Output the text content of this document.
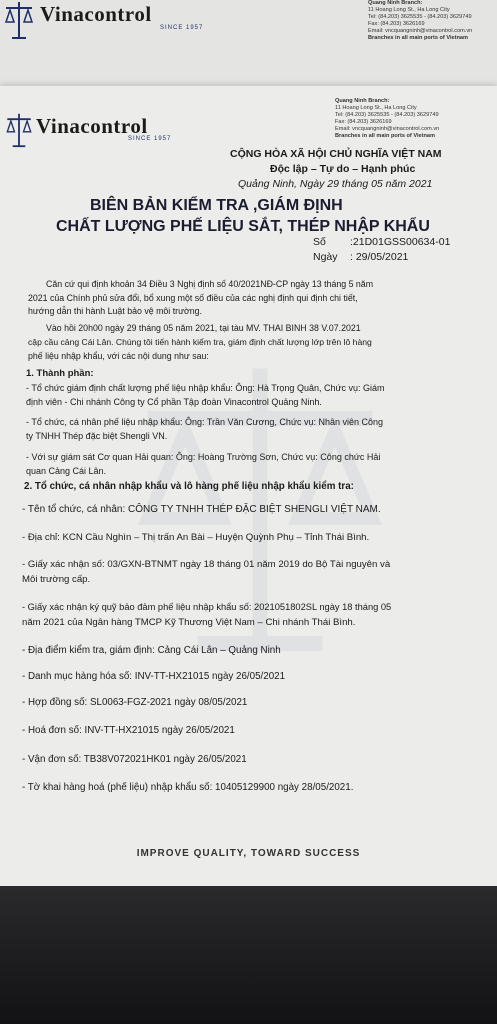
Vinacontrol
SINCE 1957
Quang Ninh Branch:
11 Hoang Long St., Ha Long City
Tel: (84.203) 3625535 - (84.203) 3629749
Fax: (84.203) 3626169
Email: vncquangninh@vinacontrol.com.vn
Branches in all main ports of Vietnam
Vinacontrol
SINCE 1957
Quang Ninh Branch:
11 Hoang Long St., Ha Long City
Tel: (84.203) 3625535 - (84.203) 3629749
Fax: (84.203) 3626169
Email: vncquangninh@vinacontrol.com.vn
Branches in all main ports of Vietnam
CỘNG HÒA XÃ HỘI CHỦ NGHĨA VIỆT NAM
Độc lập – Tự do – Hạnh phúc
Quảng Ninh, Ngày 29 tháng 05 năm 2021
BIÊN BẢN KIỂM TRA ,GIÁM ĐỊNH
CHẤT LƯỢNG PHẾ LIỆU SẮT, THÉP NHẬP KHẨU
Số :21D01GSS00634-01
Ngày : 29/05/2021
Căn cứ qui định khoản 34 Điều 3 Nghị định số 40/2021NĐ-CP ngày 13 tháng 5 năm
2021 của Chính phủ sửa đổi, bổ xung một số điều của các nghị định qui định chi tiết,
hướng dẫn thi hành Luật bảo vệ môi trường.
Vào hồi 20h00 ngày 29 tháng 05 năm 2021, tại tàu MV. THAI BINH 38 V.07.2021
cập cầu cảng Cái Lân. Chúng tôi tiến hành kiểm tra, giám định chất lượng lớp trên lô hàng
phế liệu nhập khẩu, với các nội dung như sau:
1. Thành phần:
- Tổ chức giám định chất lượng phế liệu nhập khẩu: Ông: Hà Trọng Quân, Chức vụ: Giám
định viên - Chi nhánh Công ty Cổ phần Tập đoàn Vinacontrol Quảng Ninh.
- Tổ chức, cá nhân phế liệu nhập khẩu: Ông: Trần Văn Cương, Chức vụ: Nhân viên Công
ty TNHH Thép đặc biệt Shengli VN.
- Với sự giám sát Cơ quan Hải quan: Ông: Hoàng Trường Sơn, Chức vụ: Công chức Hải
quan Cảng Cái Lân.
2. Tổ chức, cá nhân nhập khẩu và lô hàng phế liệu nhập khẩu kiểm tra:
- Tên tổ chức, cá nhân: CÔNG TY TNHH THÉP ĐẶC BIỆT SHENGLI VIỆT NAM.
- Địa chỉ: KCN Cầu Nghìn – Thị trấn An Bài – Huyện Quỳnh Phụ – Tỉnh Thái Bình.
- Giấy xác nhận số: 03/GXN-BTNMT ngày 18 tháng 01 năm 2019 do Bộ Tài nguyên và
Môi trường cấp.
- Giấy xác nhận ký quỹ bảo đảm phế liệu nhập khẩu số: 2021051802SL ngày 18 tháng 05
năm 2021 của Ngân hàng TMCP Kỹ Thương Việt Nam – Chi nhánh Thái Bình.
- Địa điểm kiểm tra, giám định: Cảng Cái Lân – Quảng Ninh
- Danh mục hàng hóa số: INV-TT-HX21015 ngày 26/05/2021
- Hợp đồng số: SL0063-FGZ-2021 ngày 08/05/2021
- Hoá đơn số: INV-TT-HX21015 ngày 26/05/2021
- Vận đơn số: TB38V072021HK01 ngày 26/05/2021
- Tờ khai hàng hoá (phế liệu) nhập khẩu số: 10405129900 ngày 28/05/2021.
IMPROVE QUALITY, TOWARD SUCCESS
